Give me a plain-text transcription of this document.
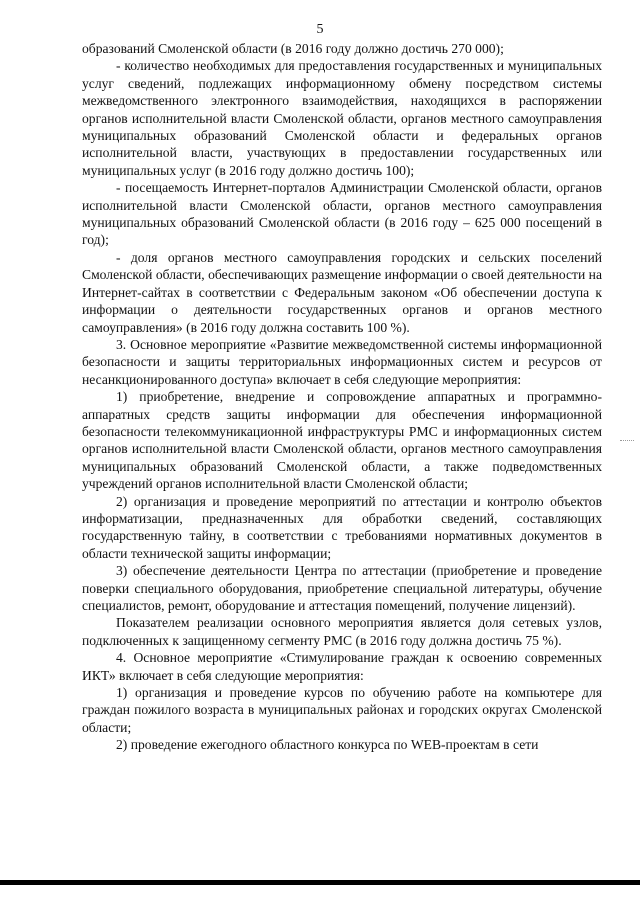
5

образований Смоленской области (в 2016 году должно достичь 270 000);

- количество необходимых для предоставления государственных и муниципальных услуг сведений, подлежащих информационному обмену посредством системы межведомственного электронного взаимодействия, находящихся в распоряжении органов исполнительной власти Смоленской области, органов местного самоуправления муниципальных образований Смоленской области и федеральных органов исполнительной власти, участвующих в предоставлении государственных или муниципальных услуг (в 2016 году должно достичь 100);

- посещаемость Интернет-порталов Администрации Смоленской области, органов исполнительной власти Смоленской области, органов местного самоуправления муниципальных образований Смоленской области (в 2016 году – 625 000 посещений в год);

- доля органов местного самоуправления городских и сельских поселений Смоленской области, обеспечивающих размещение информации о своей деятельности на Интернет-сайтах в соответствии с Федеральным законом «Об обеспечении доступа к информации о деятельности государственных органов и органов местного самоуправления» (в 2016 году должна составить 100 %).

3. Основное мероприятие «Развитие межведомственной системы информационной безопасности и защиты территориальных информационных систем и ресурсов от несанкционированного доступа» включает в себя следующие мероприятия:

1) приобретение, внедрение и сопровождение аппаратных и программно-аппаратных средств защиты информации для обеспечения информационной безопасности телекоммуникационной инфраструктуры РМС и информационных систем органов исполнительной власти Смоленской области, органов местного самоуправления муниципальных образований Смоленской области, а также подведомственных учреждений органов исполнительной власти Смоленской области;

2) организация и проведение мероприятий по аттестации и контролю объектов информатизации, предназначенных для обработки сведений, составляющих государственную тайну, в соответствии с требованиями нормативных документов в области технической защиты информации;

3) обеспечение деятельности Центра по аттестации (приобретение и проведение поверки специального оборудования, приобретение специальной литературы, обучение специалистов, ремонт, оборудование и аттестация помещений, получение лицензий).

Показателем реализации основного мероприятия является доля сетевых узлов, подключенных к защищенному сегменту РМС (в 2016 году должна достичь 75 %).

4. Основное мероприятие «Стимулирование граждан к освоению современных ИКТ» включает в себя следующие мероприятия:

1) организация и проведение курсов по обучению работе на компьютере для граждан пожилого возраста в муниципальных районах и городских округах Смоленской области;

2) проведение ежегодного областного конкурса по WEB-проектам в сети
